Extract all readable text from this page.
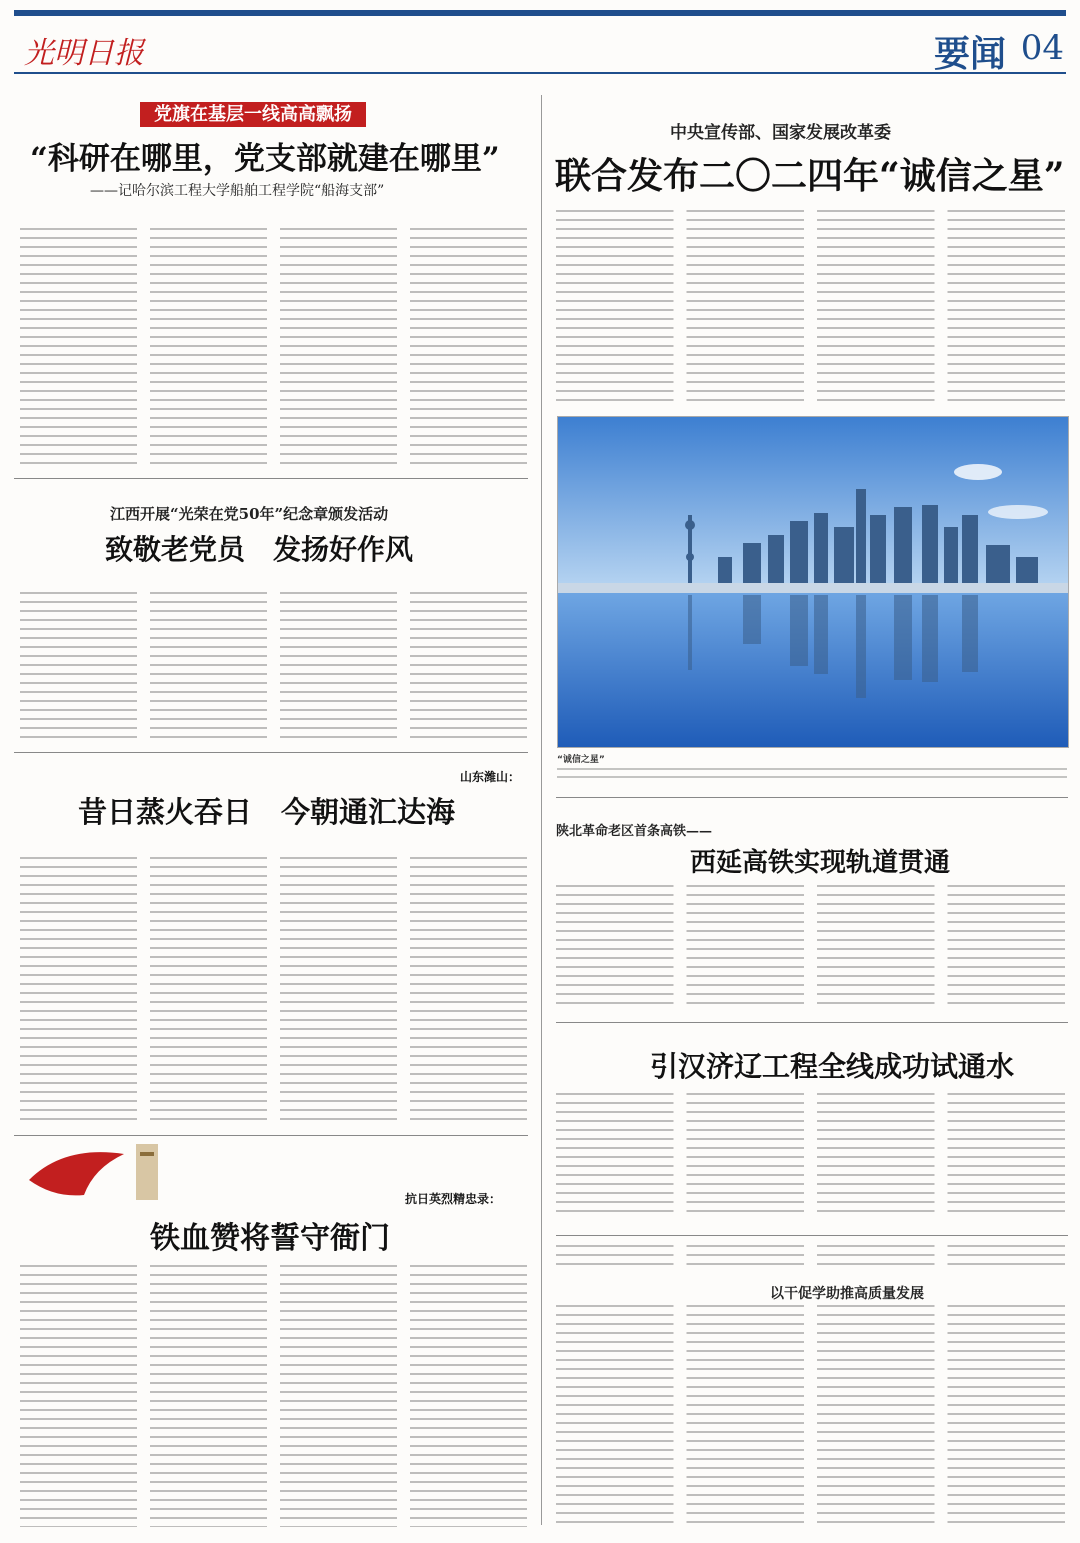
光明日报	要闻 04
党旗在基层一线高高飘扬
“科研在哪里，党支部就建在哪里”
——记哈尔滨工程大学船舶工程学院“船海支部”
江西开展“光荣在党50年”纪念章颁发活动
致敬老党员　发扬好作风
山东潍山：
昔日蒸火吞日　今朝通汇达海
抗日英烈精忠录：
铁血赞将誓守衙门
中央宣传部、国家发展改革委
联合发布二〇二四年“诚信之星”
“诚信之星”
陕北革命老区首条高铁——
西延高铁实现轨道贯通
引汉济辽工程全线成功试通水
以干促学助推高质量发展
